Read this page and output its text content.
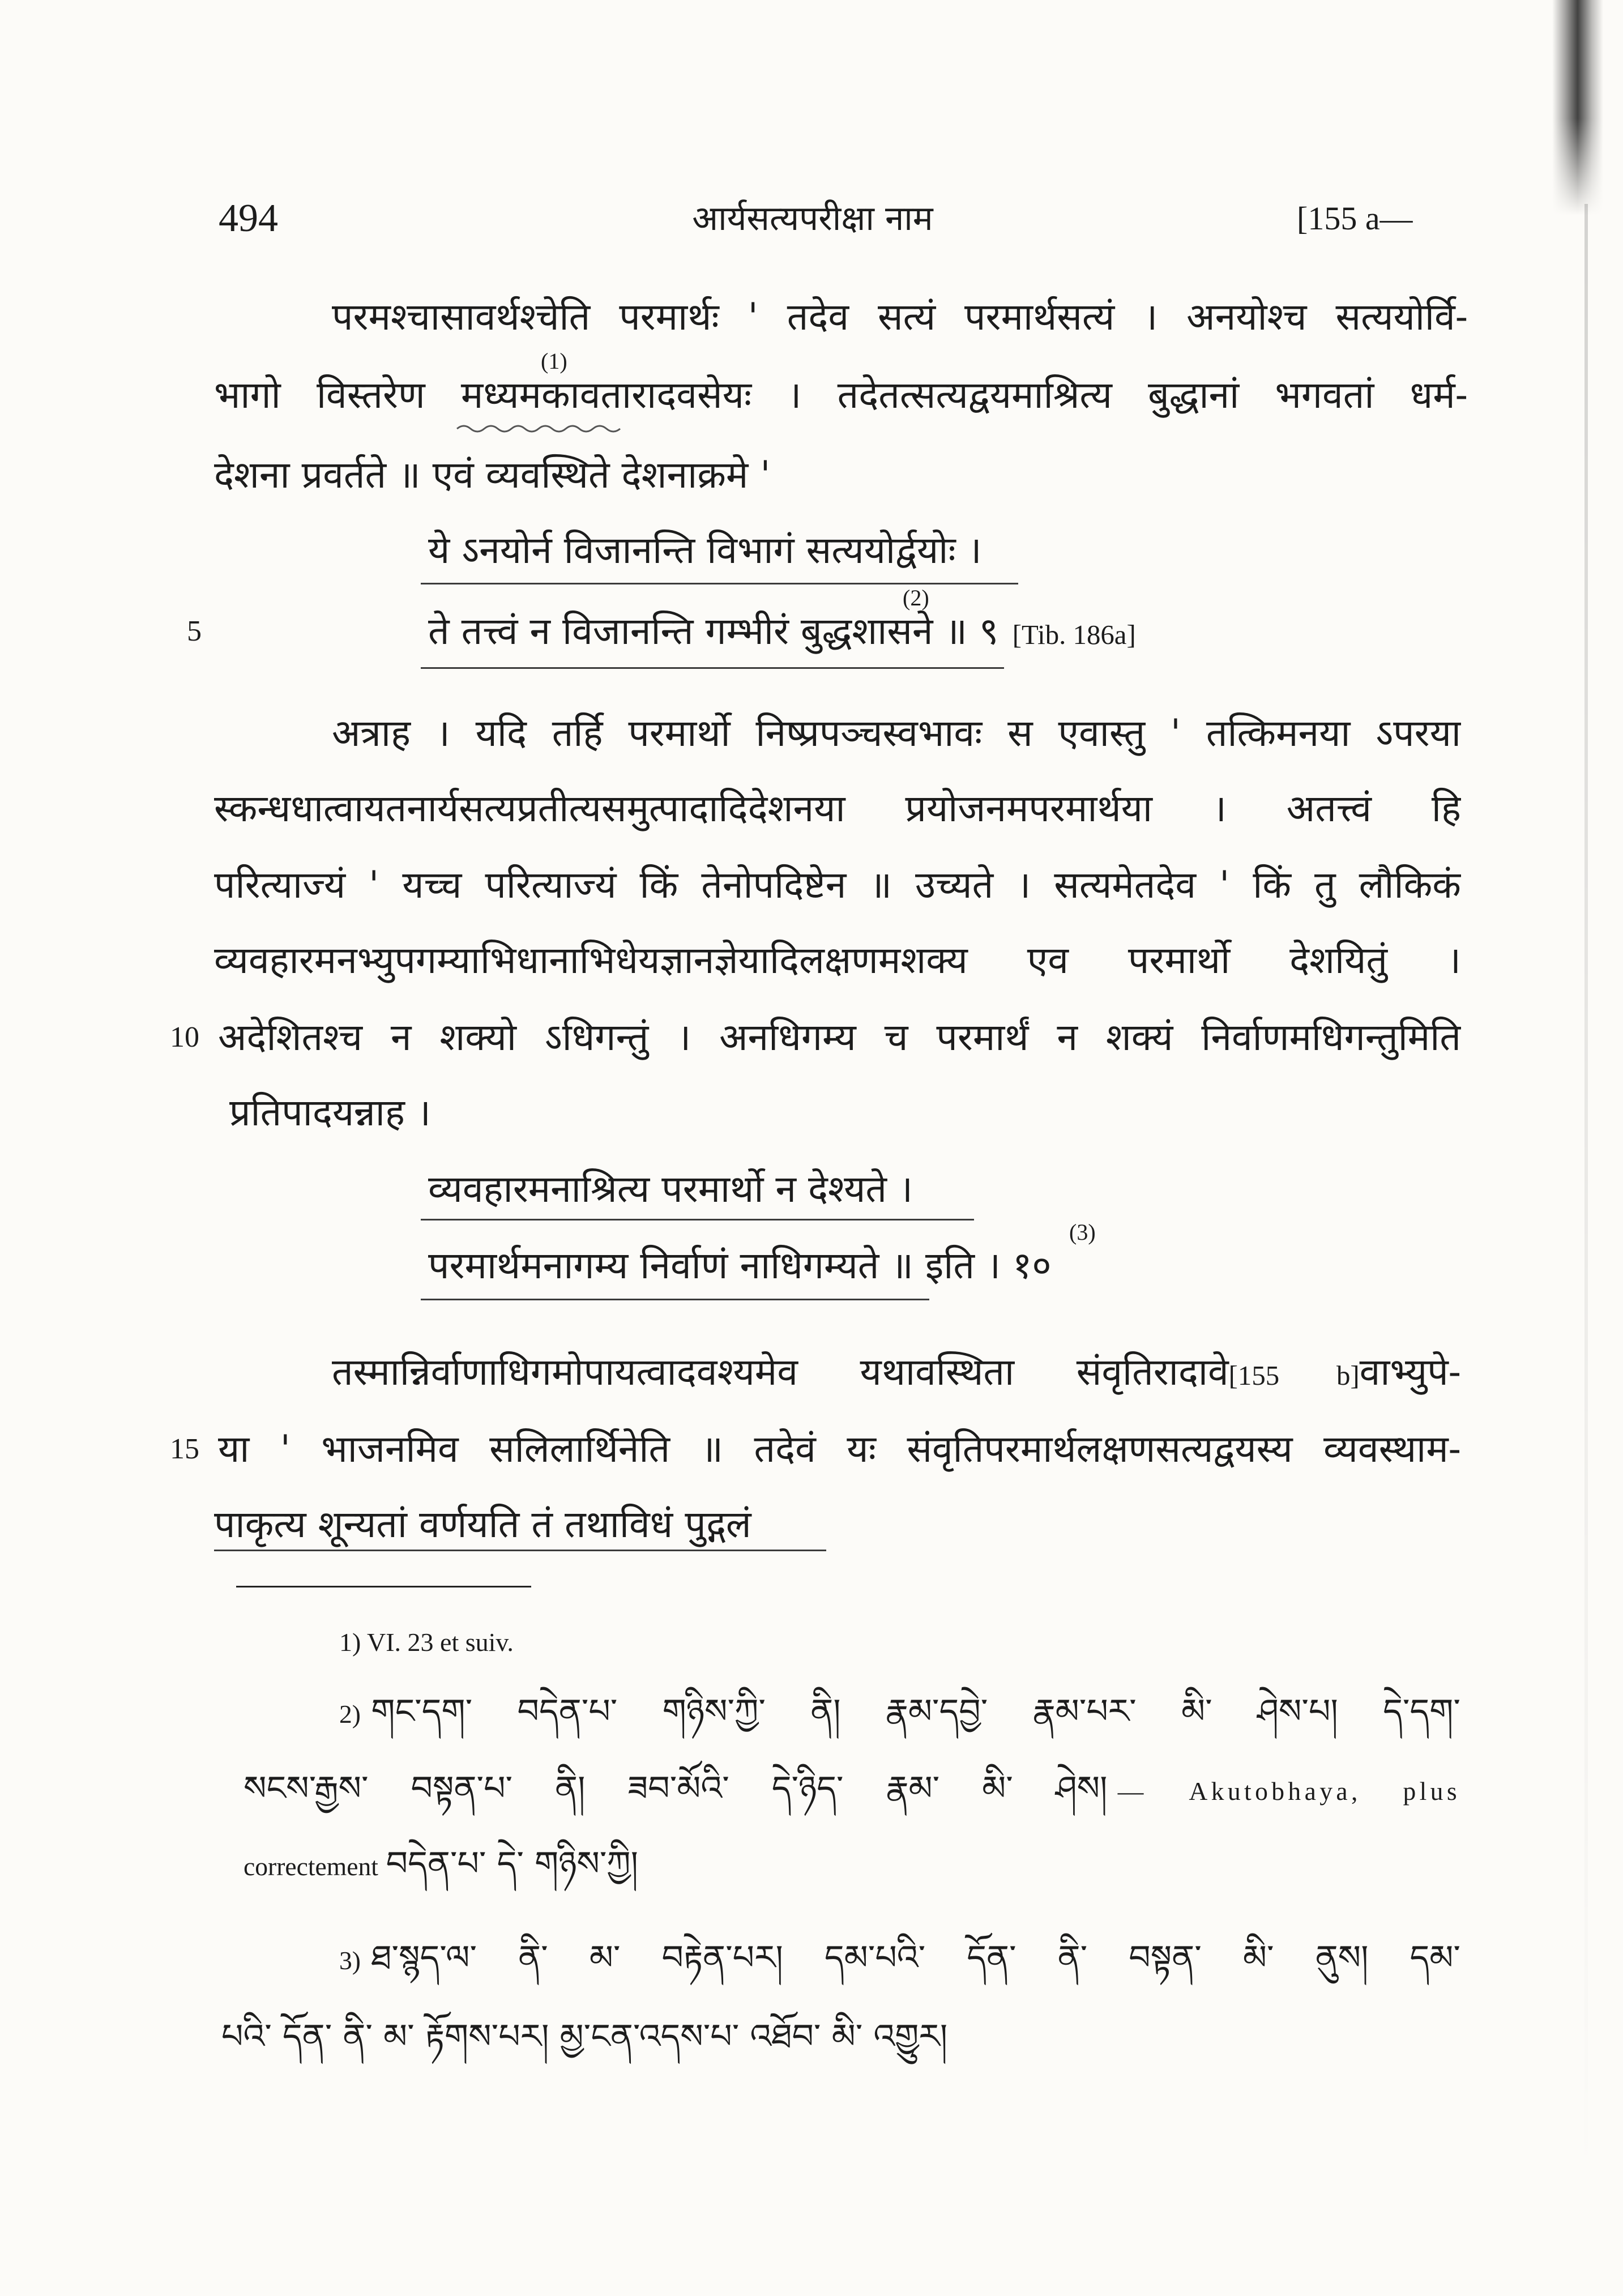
494	आर्यसत्यपरीक्षा नाम	[155 a—
परमश्चासावर्थश्चेति परमार्थः ' तदेव सत्यं परमार्थसत्यं । अनयोश्च सत्ययोर्वि-
भागो विस्तरेण मध्यमकावतारादवसेयः । तदेतत्सत्यद्वयमाश्रित्य बुद्धानां भगवतां धर्म-
(1)
देशना प्रवर्तते ॥ एवं व्यवस्थिते देशनाक्रमे '
ये ऽनयोर्न विजानन्ति विभागं सत्ययोर्द्वयोः ।
5	ते तत्त्वं न विजानन्ति गम्भीरं बुद्धशासने ॥ ९ [Tib. 186a]
(2)
अत्राह । यदि तर्हि परमार्थो निष्प्रपञ्चस्वभावः स एवास्तु ' तत्किमनया ऽपरया
स्कन्धधात्वायतनार्यसत्यप्रतीत्यसमुत्पादादिदेशनया प्रयोजनमपरमार्थया । अतत्त्वं हि
परित्याज्यं ' यच्च परित्याज्यं किं तेनोपदिष्टेन ॥ उच्यते । सत्यमेतदेव ' किं तु लौकिकं
व्यवहारमनभ्युपगम्याभिधानाभिधेयज्ञानज्ञेयादिलक्षणमशक्य एव परमार्थो देशयितुं ।
10 अदेशितश्च न शक्यो ऽधिगन्तुं । अनधिगम्य च परमार्थं न शक्यं निर्वाणमधिगन्तुमिति
प्रतिपादयन्नाह ।
व्यवहारमनाश्रित्य परमार्थो न देश्यते ।
परमार्थमनागम्य निर्वाणं नाधिगम्यते ॥ इति । १०
(3)
तस्मान्निर्वाणाधिगमोपायत्वादवश्यमेव यथावस्थिता संवृतिरादावे[155 b]वाभ्युपे-
15 या ' भाजनमिव सलिलार्थिनेति ॥ तदेवं यः संवृतिपरमार्थलक्षणसत्यद्वयस्य व्यवस्थाम-
पाकृत्य शून्यतां वर्णयति तं तथाविधं पुद्गलं
1) VI. 23 et suiv.
2) གང་དག་ བདེན་པ་ གཉིས་ཀྱི་ ནི། རྣམ་དབྱེ་ རྣམ་པར་ མི་ ཤེས་པ། དེ་དག་
སངས་རྒྱས་ བསྟན་པ་ ནི། ཟབ་མོའི་ དེ་ཉིད་ རྣམ་ མི་ ཤེས། — Akutobhaya, plus
correctement བདེན་པ་ དེ་ གཉིས་ཀྱི།
3) ཐ་སྙད་ལ་ ནི་ མ་ བརྟེན་པར། དམ་པའི་ དོན་ ནི་ བསྟན་ མི་ ནུས། དམ་
པའི་ དོན་ ནི་ མ་ རྟོགས་པར། མྱ་ངན་འདས་པ་ འཐོབ་ མི་ འགྱུར།
